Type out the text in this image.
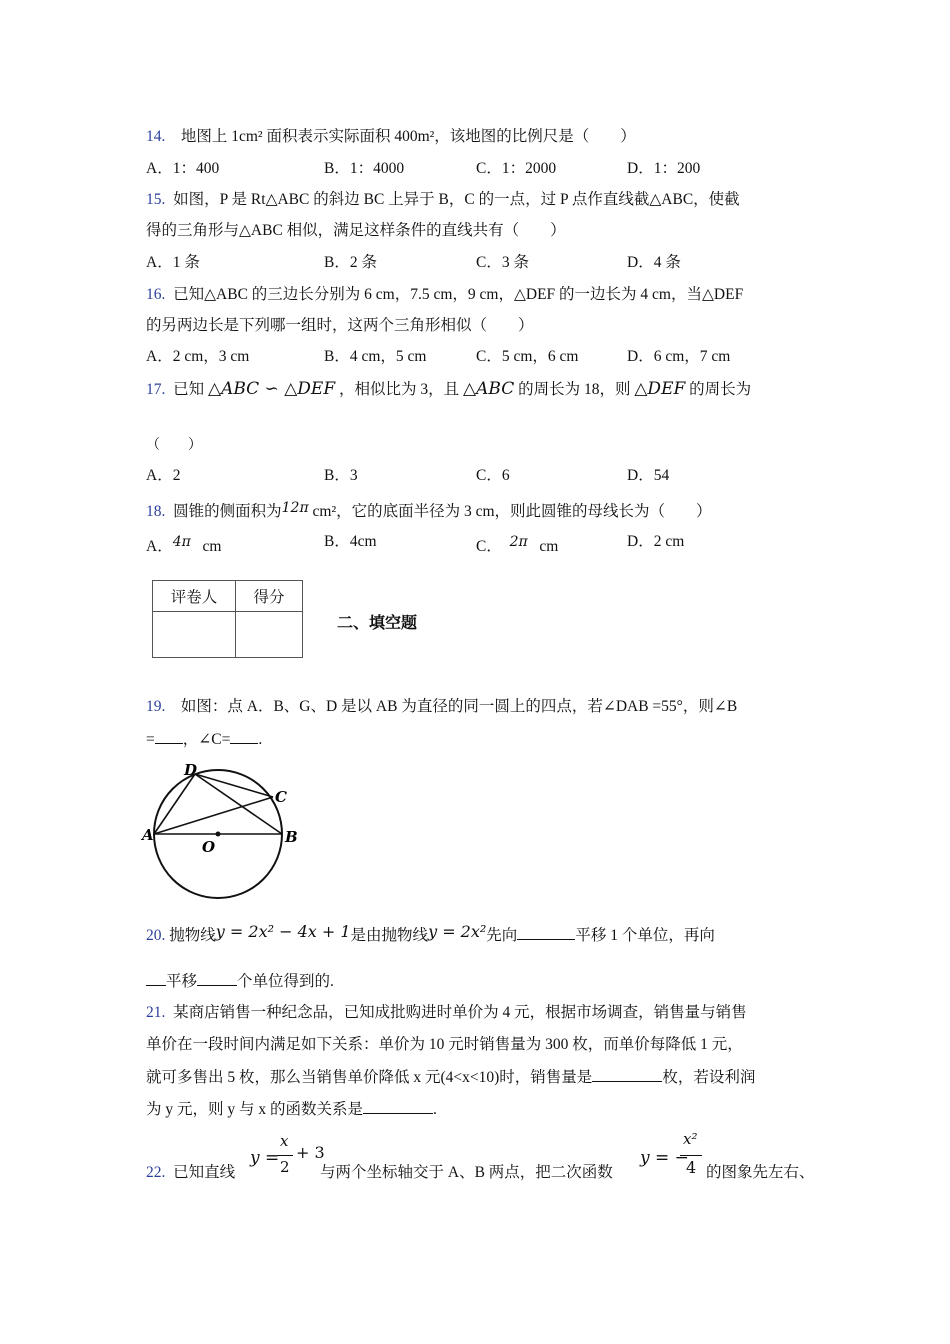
14. 地图上 1cm² 面积表示实际面积 400m²，该地图的比例尺是（　　）
A．1：400	B．1：4000	C．1：2000	D．1：200
15. 如图，P 是 Rt△ABC 的斜边 BC 上异于 B，C 的一点，过 P 点作直线截△ABC，使截
得的三角形与△ABC 相似，满足这样条件的直线共有（　　）
A．1 条	B．2 条	C．3 条	D．4 条
16. 已知△ABC 的三边长分别为 6 cm，7.5 cm，9 cm，△DEF 的一边长为 4 cm，当△DEF
的另两边长是下列哪一组时，这两个三角形相似（　　）
A．2 cm，3 cm	B．4 cm，5 cm	C．5 cm，6 cm	D．6 cm，7 cm
17. 已知 △ABC ∽ △DEF ，相似比为 3，且 △ABC 的周长为 18，则 △DEF 的周长为
（　　）
A．2	B．3	C．6	D．54
18. 圆锥的侧面积为12π cm²，它的底面半径为 3 cm，则此圆锥的母线长为（　　）
A．4π cm	B．4cm	C． 2π cm	D．2 cm
评卷人	得分

二、填空题
19. 如图：点 A．B、G、D 是以 AB 为直径的同一圆上的四点，若∠DAB =55°，则∠B
= ，∠C= .
A	B
C
D
O
20. 抛物线y = 2x² − 4x + 1是由抛物线y = 2x²先向	平移 1 个单位，再向
平移	个单位得到的.
21. 某商店销售一种纪念品，已知成批购进时单价为 4 元，根据市场调查，销售量与销售
单价在一段时间内满足如下关系：单价为 10 元时销售量为 300 枚，而单价每降低 1 元，
就可多售出 5 枚，那么当销售单价降低 x 元(4<x<10)时，销售量是	枚，若设利润
为 y 元，则 y 与 x 的函数关系是	.
22. 已知直线
y =
x
2
+ 3
与两个坐标轴交于 A、B 两点，把二次函数
y = −
x²
4 的图象先左右、
